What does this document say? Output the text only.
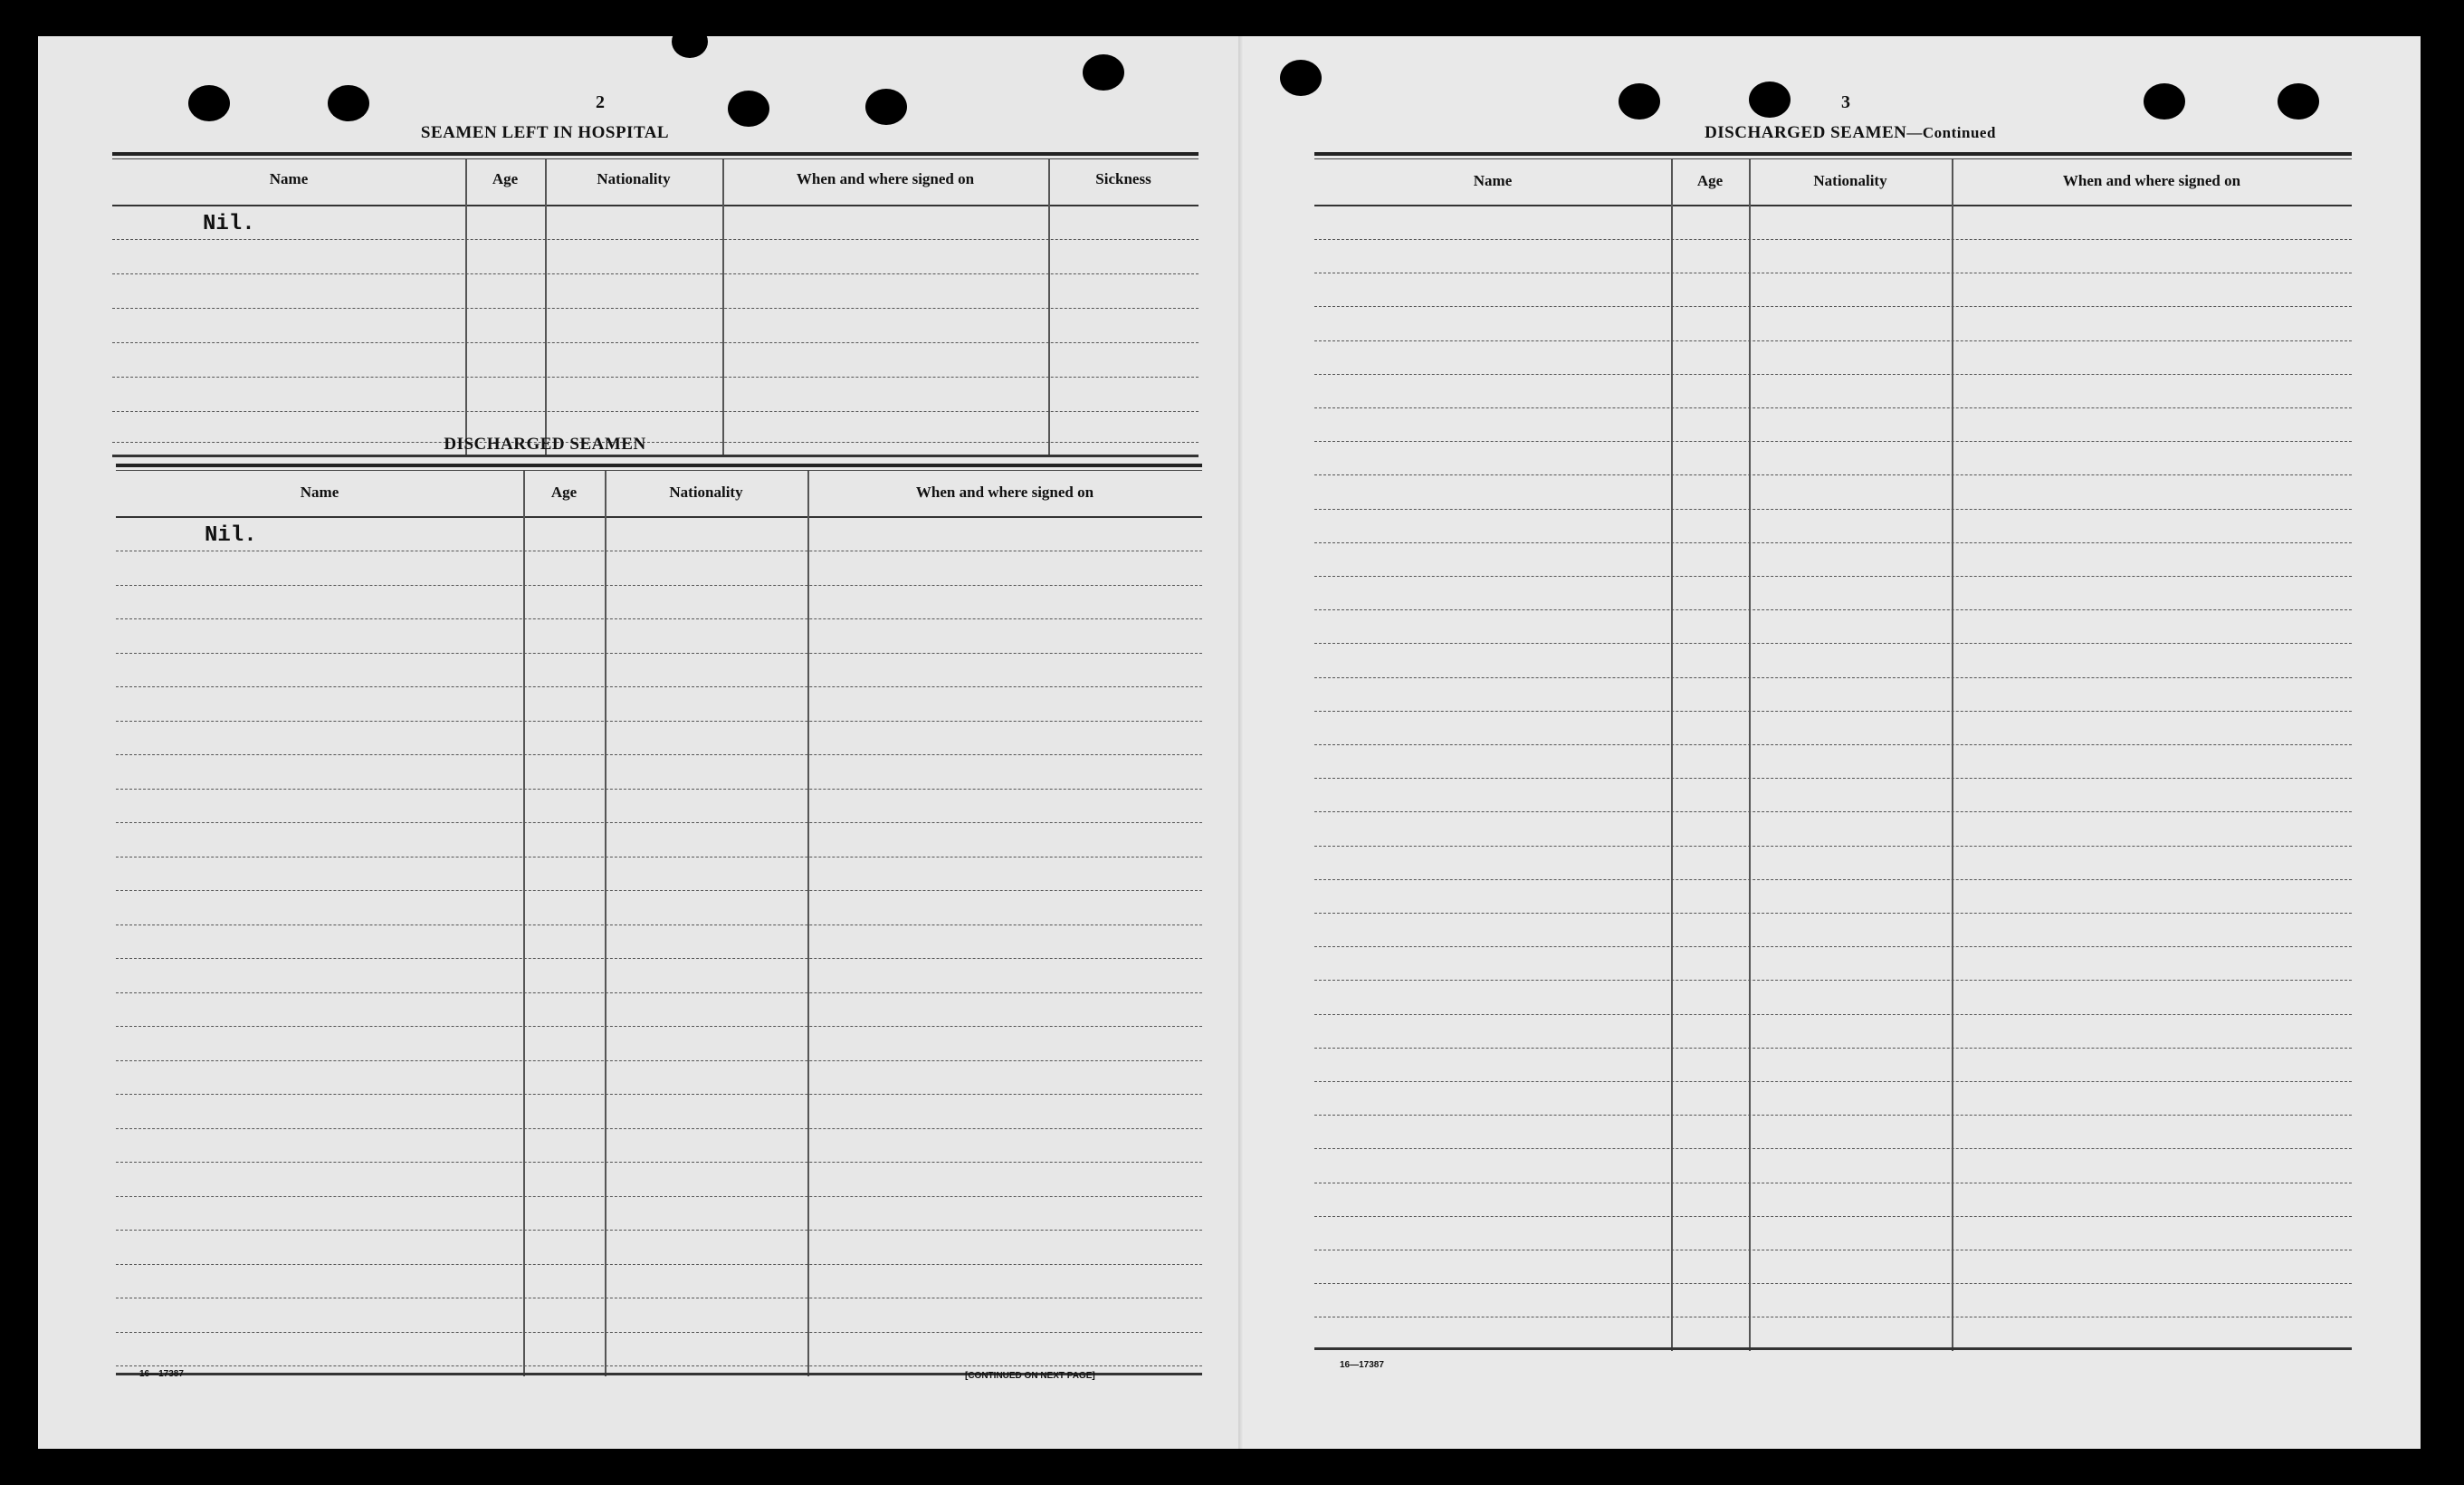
2
SEAMEN LEFT IN HOSPITAL
Name	Age	Nationality	When and where signed on	Sickness
Nil.
DISCHARGED SEAMEN
Name	Age	Nationality	When and where signed on
Nil.
16—17387	[CONTINUED ON NEXT PAGE]
3
DISCHARGED SEAMEN—Continued
Name	Age	Nationality	When and where signed on
16—17387
